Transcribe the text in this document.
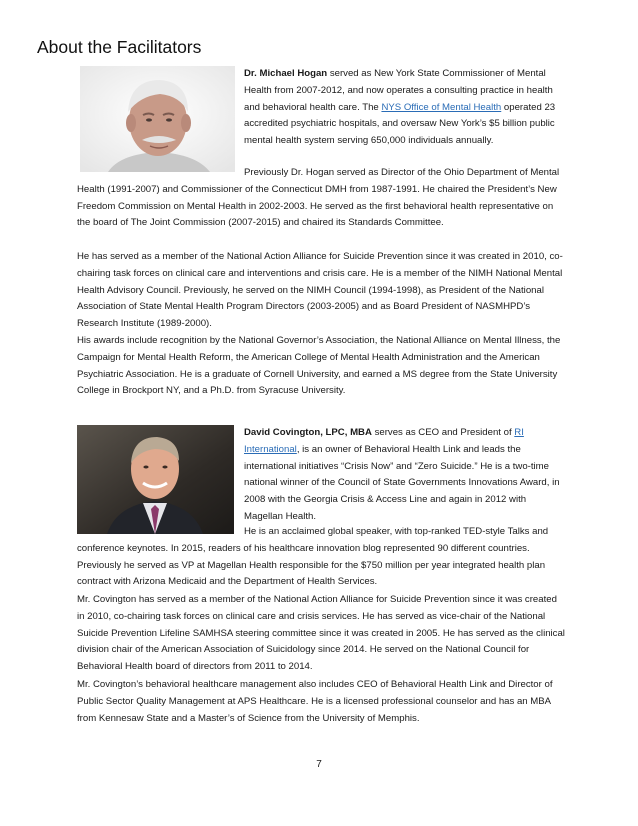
About the Facilitators

Dr. Michael Hogan served as New York State Commissioner of Mental Health from 2007-2012, and now operates a consulting practice in health and behavioral health care. The NYS Office of Mental Health operated 23 accredited psychiatric hospitals, and oversaw New York’s $5 billion public mental health system serving 650,000 individuals annually.

Previously Dr. Hogan served as Director of the Ohio Department of Mental Health (1991-2007) and Commissioner of the Connecticut DMH from 1987-1991. He chaired the President’s New Freedom Commission on Mental Health in 2002-2003. He served as the first behavioral health representative on the board of The Joint Commission (2007-2015) and chaired its Standards Committee.

He has served as a member of the National Action Alliance for Suicide Prevention since it was created in 2010, co-chairing task forces on clinical care and interventions and crisis care. He is a member of the NIMH National Mental Health Advisory Council. Previously, he served on the NIMH Council (1994-1998), as President of the National Association of State Mental Health Program Directors (2003-2005) and as Board President of NASMHPD’s Research Institute (1989-2000).

His awards include recognition by the National Governor’s Association, the National Alliance on Mental Illness, the Campaign for Mental Health Reform, the American College of Mental Health Administration and the American Psychiatric Association. He is a graduate of Cornell University, and earned a MS degree from the State University College in Brockport NY, and a Ph.D. from Syracuse University.

David Covington, LPC, MBA serves as CEO and President of RI International, is an owner of Behavioral Health Link and leads the international initiatives “Crisis Now” and “Zero Suicide.” He is a two-time national winner of the Council of State Governments Innovations Award, in 2008 with the Georgia Crisis & Access Line and again in 2012 with Magellan Health.

He is an acclaimed global speaker, with top-ranked TED-style Talks and conference keynotes. In 2015, readers of his healthcare innovation blog represented 90 different countries. Previously he served as VP at Magellan Health responsible for the $750 million per year integrated health plan contract with Arizona Medicaid and the Department of Health Services.

Mr. Covington has served as a member of the National Action Alliance for Suicide Prevention since it was created in 2010, co-chairing task forces on clinical care and crisis services. He has served as vice-chair of the National Suicide Prevention Lifeline SAMHSA steering committee since it was created in 2005. He has served as the clinical division chair of the American Association of Suicidology since 2014. He served on the National Council for Behavioral Health board of directors from 2011 to 2014.

Mr. Covington’s behavioral healthcare management also includes CEO of Behavioral Health Link and Director of Public Sector Quality Management at APS Healthcare. He is a licensed professional counselor and has an MBA from Kennesaw State and a Master’s of Science from the University of Memphis.

7
